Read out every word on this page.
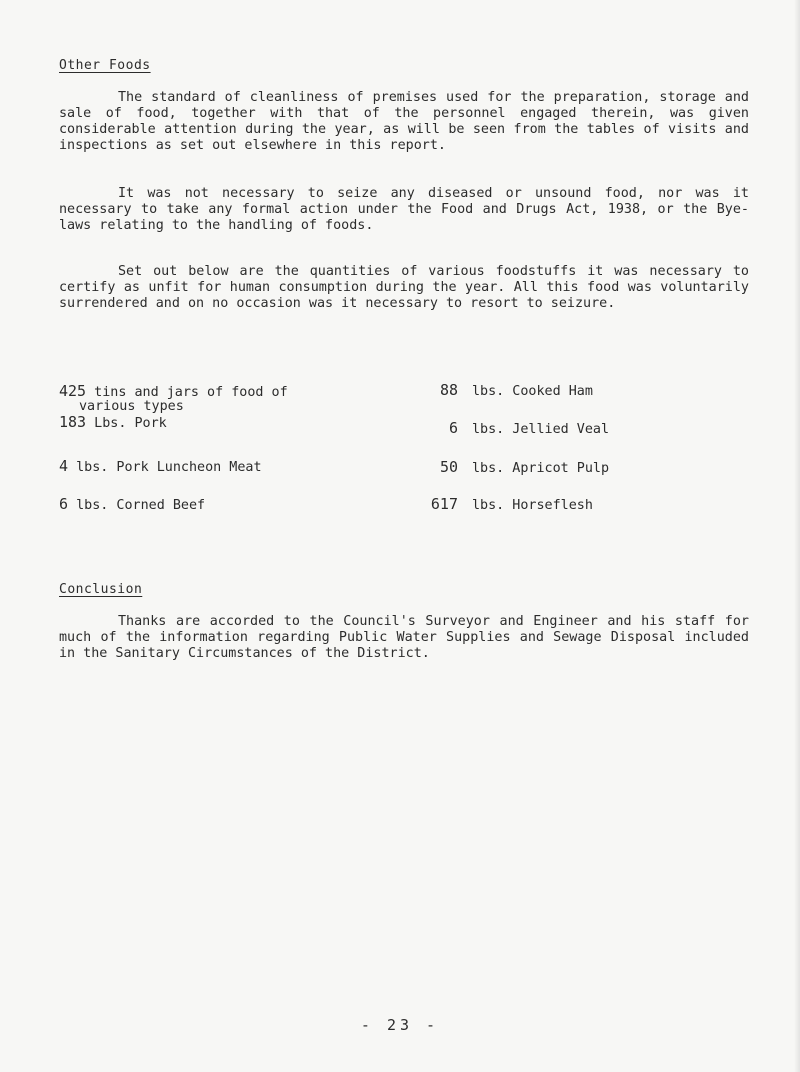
Other Foods

The standard of cleanliness of premises used for the preparation, storage and sale of food, together with that of the personnel engaged therein, was given considerable attention during the year, as will be seen from the tables of visits and inspections as set out elsewhere in this report.

It was not necessary to seize any diseased or unsound food, nor was it necessary to take any formal action under the Food and Drugs Act, 1938, or the Bye-laws relating to the handling of foods.

Set out below are the quantities of various foodstuffs it was necessary to certify as unfit for human consumption during the year. All this food was voluntarily surrendered and on no occasion was it necessary to resort to seizure.

425 tins and jars of food of
various types
183 Lbs. Pork
4 lbs. Pork Luncheon Meat
6 lbs. Corned Beef
88 lbs. Cooked Ham
6 lbs. Jellied Veal
50 lbs. Apricot Pulp
617 lbs. Horseflesh
Conclusion

Thanks are accorded to the Council's Surveyor and Engineer and his staff for much of the information regarding Public Water Supplies and Sewage Disposal included in the Sanitary Circumstances of the District.

- 23 -
